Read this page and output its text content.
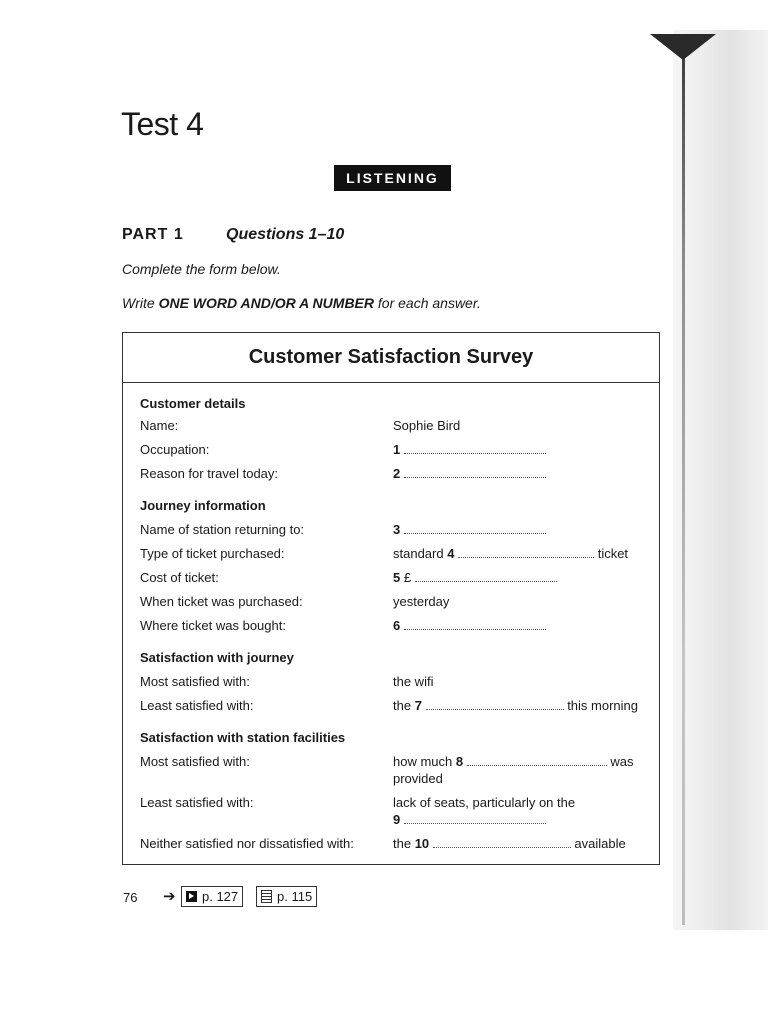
Test 4
LISTENING
PART 1	Questions 1–10
Complete the form below.
Write ONE WORD AND/OR A NUMBER for each answer.
Customer Satisfaction Survey
Customer details
Name:	Sophie Bird
Occupation:	1
Reason for travel today:	2
Journey information
Name of station returning to:	3
Type of ticket purchased:	standard 4	ticket
Cost of ticket:	5 £
When ticket was purchased:	yesterday
Where ticket was bought:	6
Satisfaction with journey
Most satisfied with:	the wifi
Least satisfied with:	the 7	this morning
Satisfaction with station facilities
Most satisfied with:	how much 8	was
provided
Least satisfied with:	lack of seats, particularly on the
9
Neither satisfied nor dissatisfied with:	the 10	available
76 ➔ p. 127	p. 115
